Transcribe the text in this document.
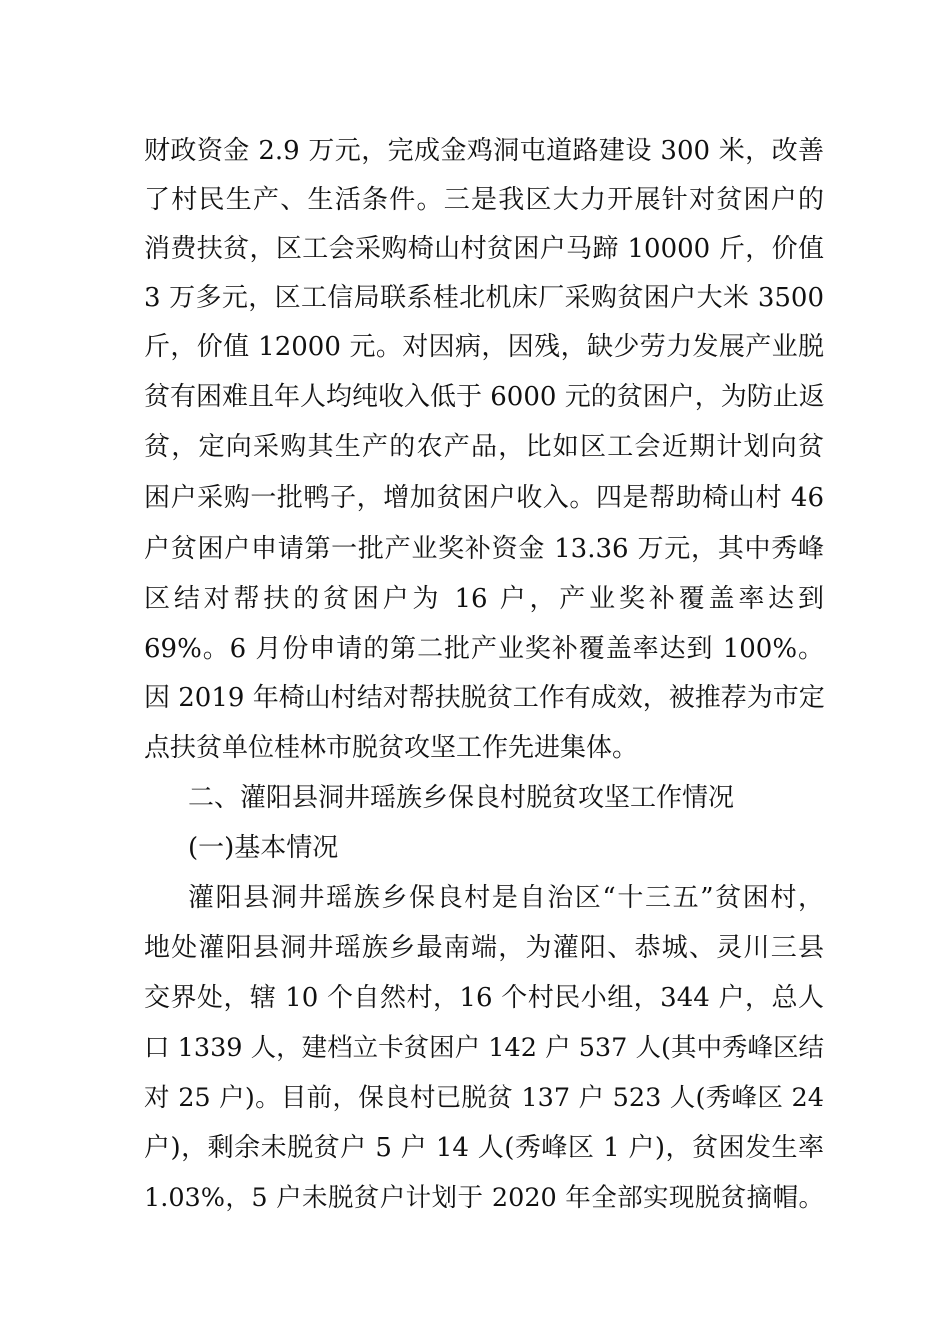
财政资金 2.9 万元，完成金鸡洞屯道路建设 300 米，改善
了村民生产、生活条件。三是我区大力开展针对贫困户的
消费扶贫，区工会采购椅山村贫困户马蹄 10000 斤，价值
3 万多元，区工信局联系桂北机床厂采购贫困户大米 3500
斤，价值 12000 元。对因病，因残，缺少劳力发展产业脱
贫有困难且年人均纯收入低于 6000 元的贫困户，为防止返
贫，定向采购其生产的农产品，比如区工会近期计划向贫
困户采购一批鸭子，增加贫困户收入。四是帮助椅山村 46
户贫困户申请第一批产业奖补资金 13.36 万元，其中秀峰
区结对帮扶的贫困户为 16 户，产业奖补覆盖率达到
69%。6 月份申请的第二批产业奖补覆盖率达到 100%。
因 2019 年椅山村结对帮扶脱贫工作有成效，被推荐为市定
点扶贫单位桂林市脱贫攻坚工作先进集体。
二、灌阳县洞井瑶族乡保良村脱贫攻坚工作情况
(一)基本情况
灌阳县洞井瑶族乡保良村是自治区“十三五”贫困村，
地处灌阳县洞井瑶族乡最南端，为灌阳、恭城、灵川三县
交界处，辖 10 个自然村，16 个村民小组，344 户，总人
口 1339 人，建档立卡贫困户 142 户 537 人(其中秀峰区结
对 25 户)。目前，保良村已脱贫 137 户 523 人(秀峰区 24
户)，剩余未脱贫户 5 户 14 人(秀峰区 1 户)，贫困发生率
1.03%，5 户未脱贫户计划于 2020 年全部实现脱贫摘帽。
